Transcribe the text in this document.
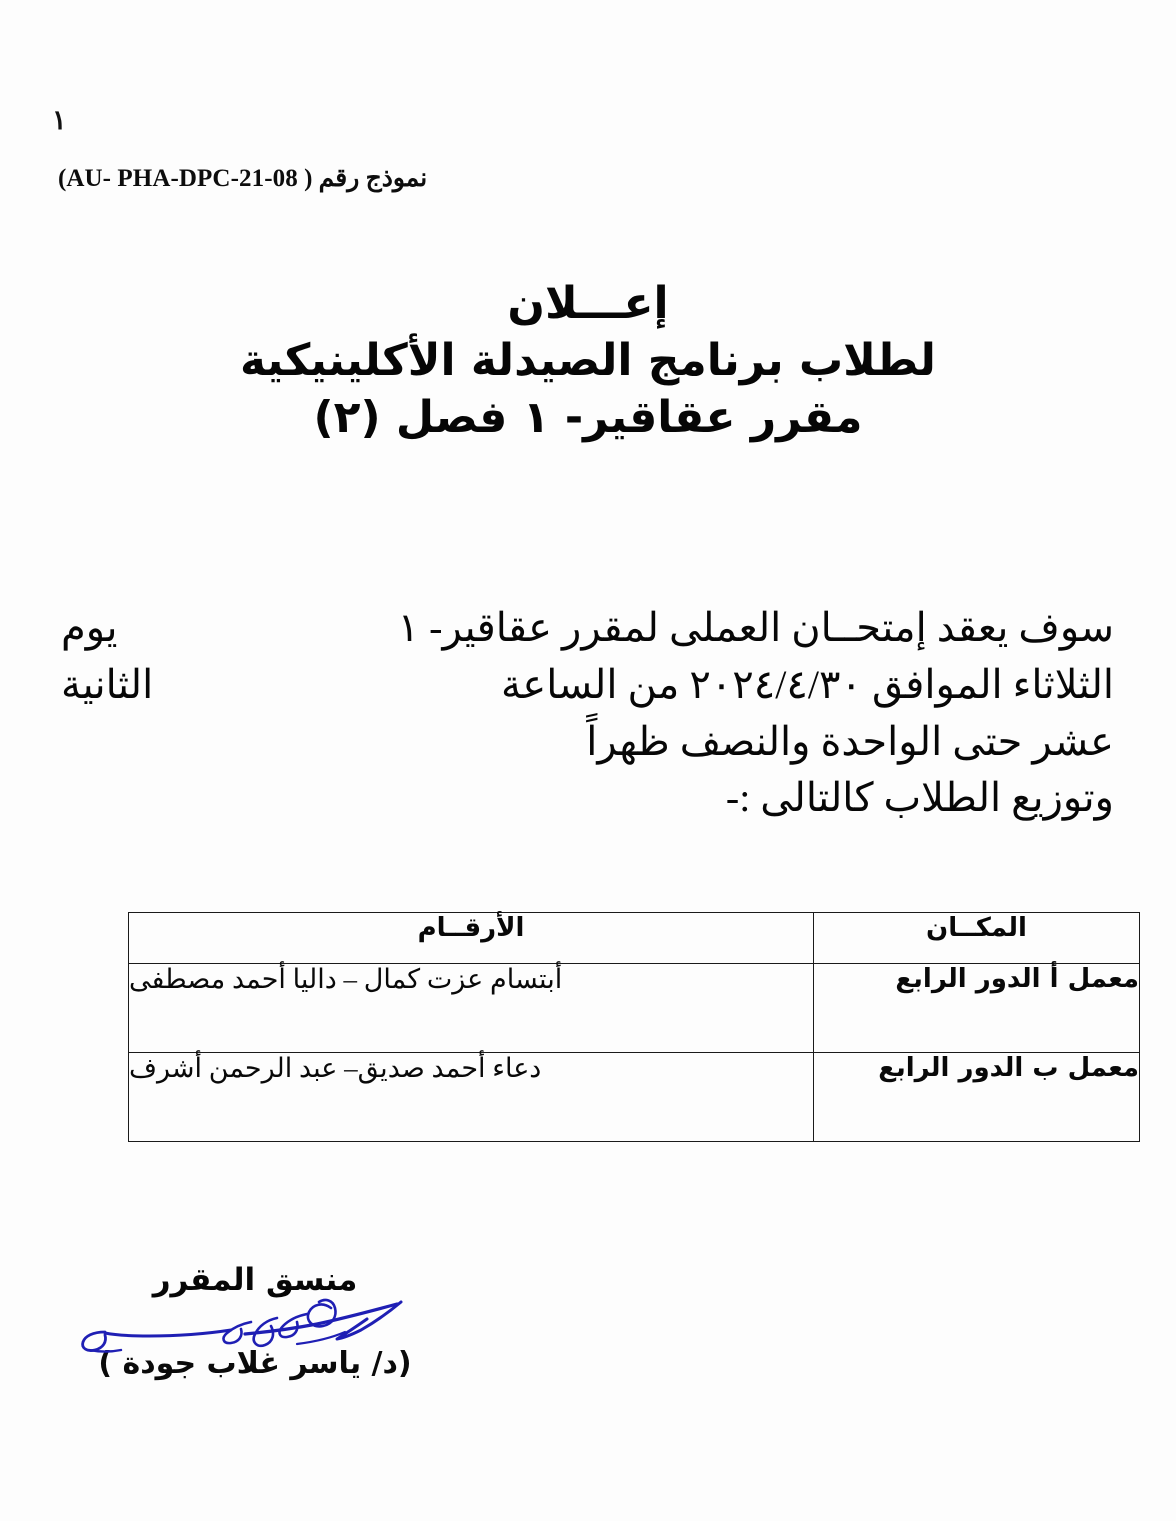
١
نموذج رقم ( AU- PHA-DPC-21-08)
إعـــلان
لطلاب برنامج الصيدلة الأكلينيكية
مقرر عقاقير- ١ فصل (٢)
سوف يعقد إمتحــان العملى لمقرر عقاقير- ١
يوم
الثلاثاء الموافق ٢٠٢٤/٤/٣٠ من الساعة
الثانية
عشر حتى الواحدة والنصف ظهراً
وتوزيع الطلاب كالتالى :-
المكــان	الأرقــام
معمل أ الدور الرابع	أبتسام عزت كمال – داليا أحمد مصطفى
معمل ب الدور الرابع	دعاء أحمد صديق– عبد الرحمن أشرف
منسق المقرر
(د/ ياسر غلاب جودة )
